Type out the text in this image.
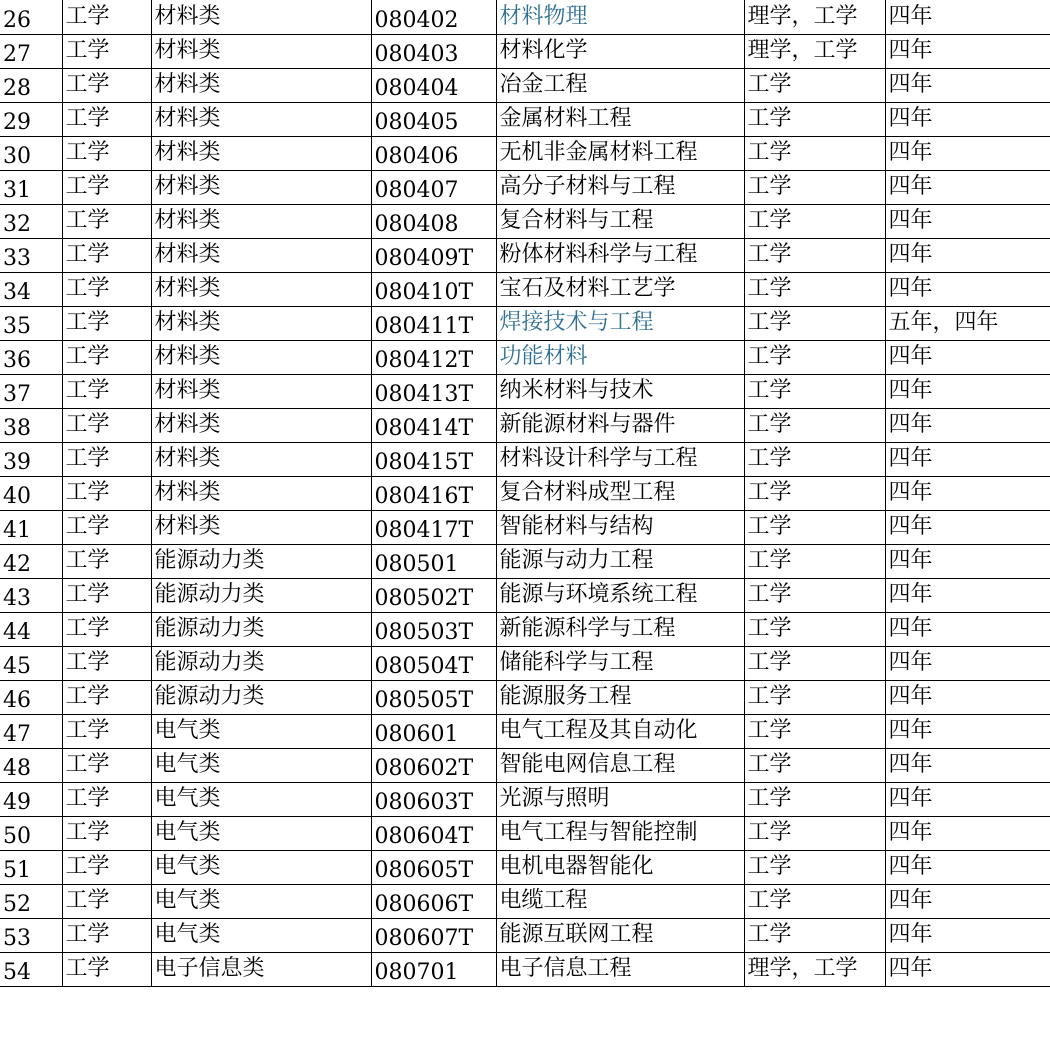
26	工学	材料类	080402	材料物理	理学，工学	四年
27	工学	材料类	080403	材料化学	理学，工学	四年
28	工学	材料类	080404	冶金工程	工学	四年
29	工学	材料类	080405	金属材料工程	工学	四年
30	工学	材料类	080406	无机非金属材料工程	工学	四年
31	工学	材料类	080407	高分子材料与工程	工学	四年
32	工学	材料类	080408	复合材料与工程	工学	四年
33	工学	材料类	080409T	粉体材料科学与工程	工学	四年
34	工学	材料类	080410T	宝石及材料工艺学	工学	四年
35	工学	材料类	080411T	焊接技术与工程	工学	五年，四年
36	工学	材料类	080412T	功能材料	工学	四年
37	工学	材料类	080413T	纳米材料与技术	工学	四年
38	工学	材料类	080414T	新能源材料与器件	工学	四年
39	工学	材料类	080415T	材料设计科学与工程	工学	四年
40	工学	材料类	080416T	复合材料成型工程	工学	四年
41	工学	材料类	080417T	智能材料与结构	工学	四年
42	工学	能源动力类	080501	能源与动力工程	工学	四年
43	工学	能源动力类	080502T	能源与环境系统工程	工学	四年
44	工学	能源动力类	080503T	新能源科学与工程	工学	四年
45	工学	能源动力类	080504T	储能科学与工程	工学	四年
46	工学	能源动力类	080505T	能源服务工程	工学	四年
47	工学	电气类	080601	电气工程及其自动化	工学	四年
48	工学	电气类	080602T	智能电网信息工程	工学	四年
49	工学	电气类	080603T	光源与照明	工学	四年
50	工学	电气类	080604T	电气工程与智能控制	工学	四年
51	工学	电气类	080605T	电机电器智能化	工学	四年
52	工学	电气类	080606T	电缆工程	工学	四年
53	工学	电气类	080607T	能源互联网工程	工学	四年
54	工学	电子信息类	080701	电子信息工程	理学，工学	四年
